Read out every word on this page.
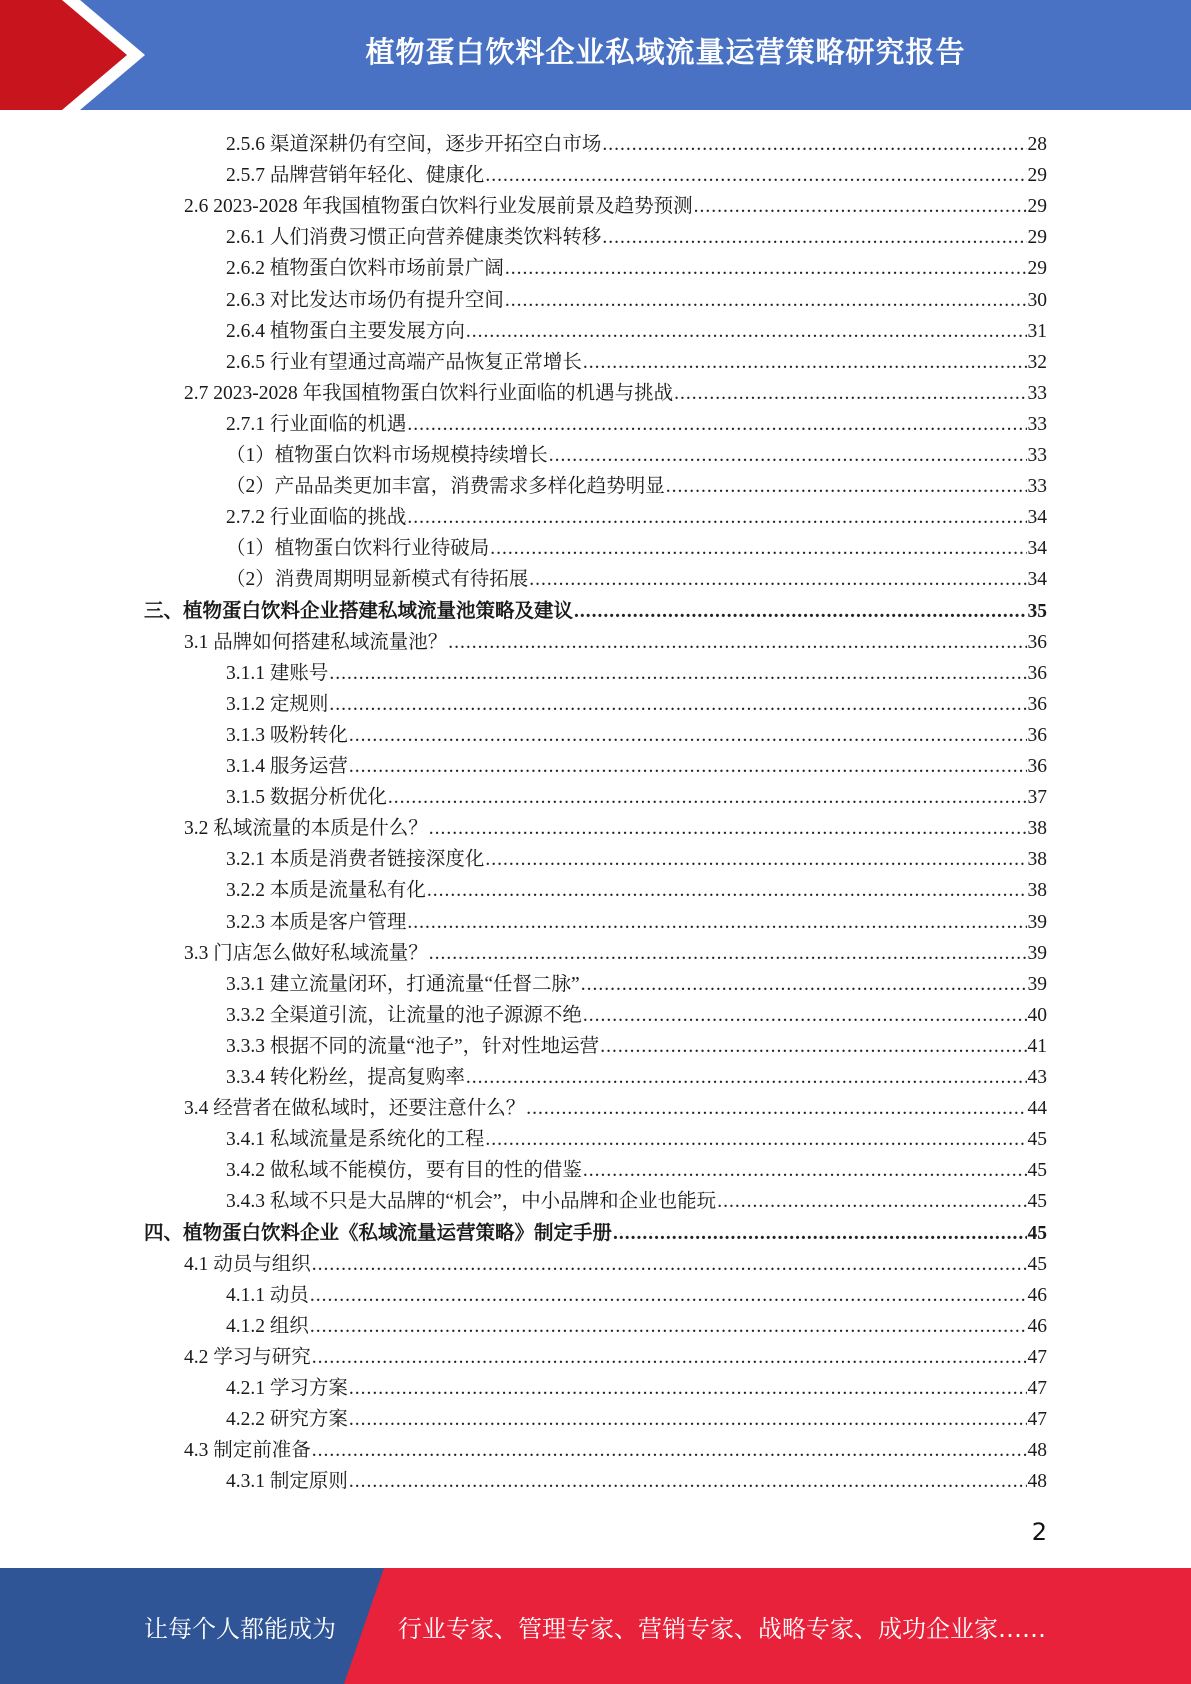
植物蛋白饮料企业私域流量运营策略研究报告
2.5.6 渠道深耕仍有空间，逐步开拓空白市场 .....	28
2.5.7 品牌营销年轻化、健康化 .....	29
2.6 2023-2028 年我国植物蛋白饮料行业发展前景及趋势预测 .....	29
2.6.1 人们消费习惯正向营养健康类饮料转移 .....	29
2.6.2 植物蛋白饮料市场前景广阔 .....	29
2.6.3 对比发达市场仍有提升空间 .....	30
2.6.4 植物蛋白主要发展方向 .....	31
2.6.5 行业有望通过高端产品恢复正常增长 .....	32
2.7 2023-2028 年我国植物蛋白饮料行业面临的机遇与挑战 .....	33
2.7.1 行业面临的机遇 .....	33
（1）植物蛋白饮料市场规模持续增长 .....	33
（2）产品品类更加丰富，消费需求多样化趋势明显 .....	33
2.7.2 行业面临的挑战 .....	34
（1）植物蛋白饮料行业待破局 .....	34
（2）消费周期明显新模式有待拓展 .....	34
三、植物蛋白饮料企业搭建私域流量池策略及建议 .....	35
3.1 品牌如何搭建私域流量池？ .....	36
3.1.1 建账号 .....	36
3.1.2 定规则 .....	36
3.1.3 吸粉转化 .....	36
3.1.4 服务运营 .....	36
3.1.5 数据分析优化 .....	37
3.2 私域流量的本质是什么？ .....	38
3.2.1 本质是消费者链接深度化 .....	38
3.2.2 本质是流量私有化 .....	38
3.2.3 本质是客户管理 .....	39
3.3 门店怎么做好私域流量？ .....	39
3.3.1 建立流量闭环，打通流量“任督二脉” .....	39
3.3.2 全渠道引流，让流量的池子源源不绝 .....	40
3.3.3 根据不同的流量“池子”，针对性地运营 .....	41
3.3.4 转化粉丝，提高复购率 .....	43
3.4 经营者在做私域时，还要注意什么？ .....	44
3.4.1 私域流量是系统化的工程 .....	45
3.4.2 做私域不能模仿，要有目的性的借鉴 .....	45
3.4.3 私域不只是大品牌的“机会”，中小品牌和企业也能玩 .....	45
四、植物蛋白饮料企业《私域流量运营策略》制定手册 .....	45
4.1 动员与组织 .....	45
4.1.1 动员 .....	46
4.1.2 组织 .....	46
4.2 学习与研究 .....	47
4.2.1 学习方案 .....	47
4.2.2 研究方案 .....	47
4.3 制定前准备 .....	48
4.3.1 制定原则 .....	48
2
让每个人都能成为	行业专家、管理专家、营销专家、战略专家、成功企业家……
